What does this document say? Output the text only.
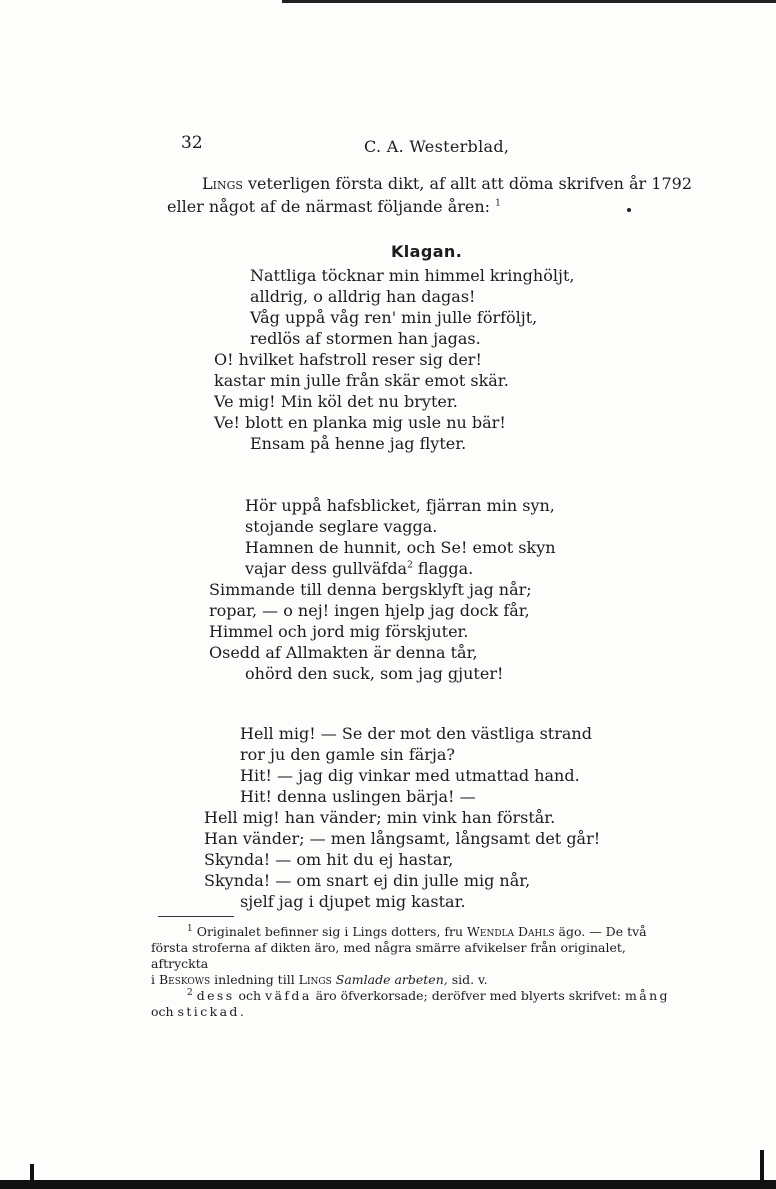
32	C. A. Westerblad,
Lings veterligen första dikt, af allt att döma skrifven år 1792
eller något af de närmast följande åren: $^1$
Klagan.
Nattliga töcknar min himmel kringhöljt,
alldrig, o alldrig han dagas!
Våg uppå våg ren' min julle förföljt,
redlös af stormen han jagas.
O! hvilket hafstroll reser sig der!
kastar min julle från skär emot skär.
Ve mig! Min köl det nu bryter.
Ve! blott en planka mig usle nu bär!
Ensam på henne jag flyter.
Hör uppå hafsblicket, fjärran min syn,
stojande seglare vagga.
Hamnen de hunnit, och Se! emot skyn
vajar dess gullväfda$^2$ flagga.
Simmande till denna bergsklyft jag når;
ropar, — o nej! ingen hjelp jag dock får,
Himmel och jord mig förskjuter.
Osedd af Allmakten är denna tår,
ohörd den suck, som jag gjuter!
Hell mig! — Se der mot den västliga strand
ror ju den gamle sin färja?
Hit! — jag dig vinkar med utmattad hand.
Hit! denna uslingen bärja! —
Hell mig! han vänder; min vink han förstår.
Han vänder; — men långsamt, långsamt det går!
Skynda! — om hit du ej hastar,
Skynda! — om snart ej din julle mig når,
sjelf jag i djupet mig kastar.
$^1$ Originalet befinner sig i Lings dotters, fru Wendla Dahls ägo. — De två
första stroferna af dikten äro, med några smärre afvikelser från originalet, aftryckta
i Beskows inledning till Lings Samlade arbeten, sid. v.
$^2$ dess och väfda äro öfverkorsade; deröfver med blyerts skrifvet: mång
och stickad.
